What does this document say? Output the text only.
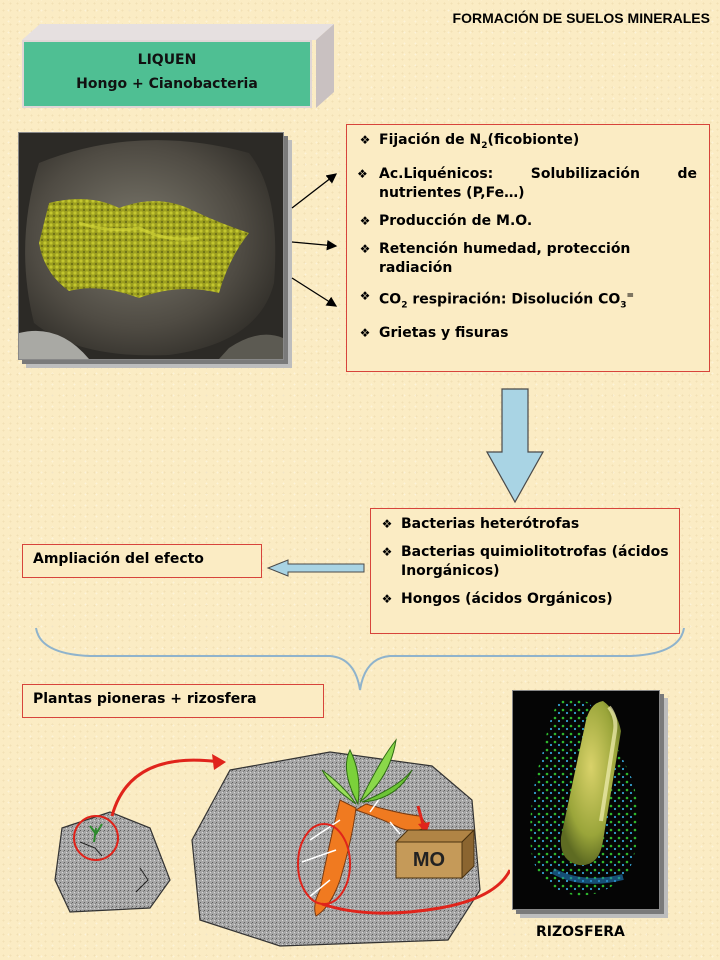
FORMACIÓN DE SUELOS MINERALES
LIQUEN
Hongo + Cianobacteria
❖ Fijación de $N_2(ficobionte)$
❖ Ac.Liquénicos: Solubilización de nutrientes (P,Fe…)
❖ Producción de M.O.
❖ Retención humedad, protección radiación
❖ $CO_2$ respiración: Disolución $CO_3^=$
❖ Grietas y fisuras
❖ Bacterias heterótrofas
❖ Bacterias quimiolitotrofas (ácidos Inorgánicos)
❖ Hongos (ácidos Orgánicos)
Ampliación del efecto
Plantas pioneras + rizosfera
MO
RIZOSFERA
